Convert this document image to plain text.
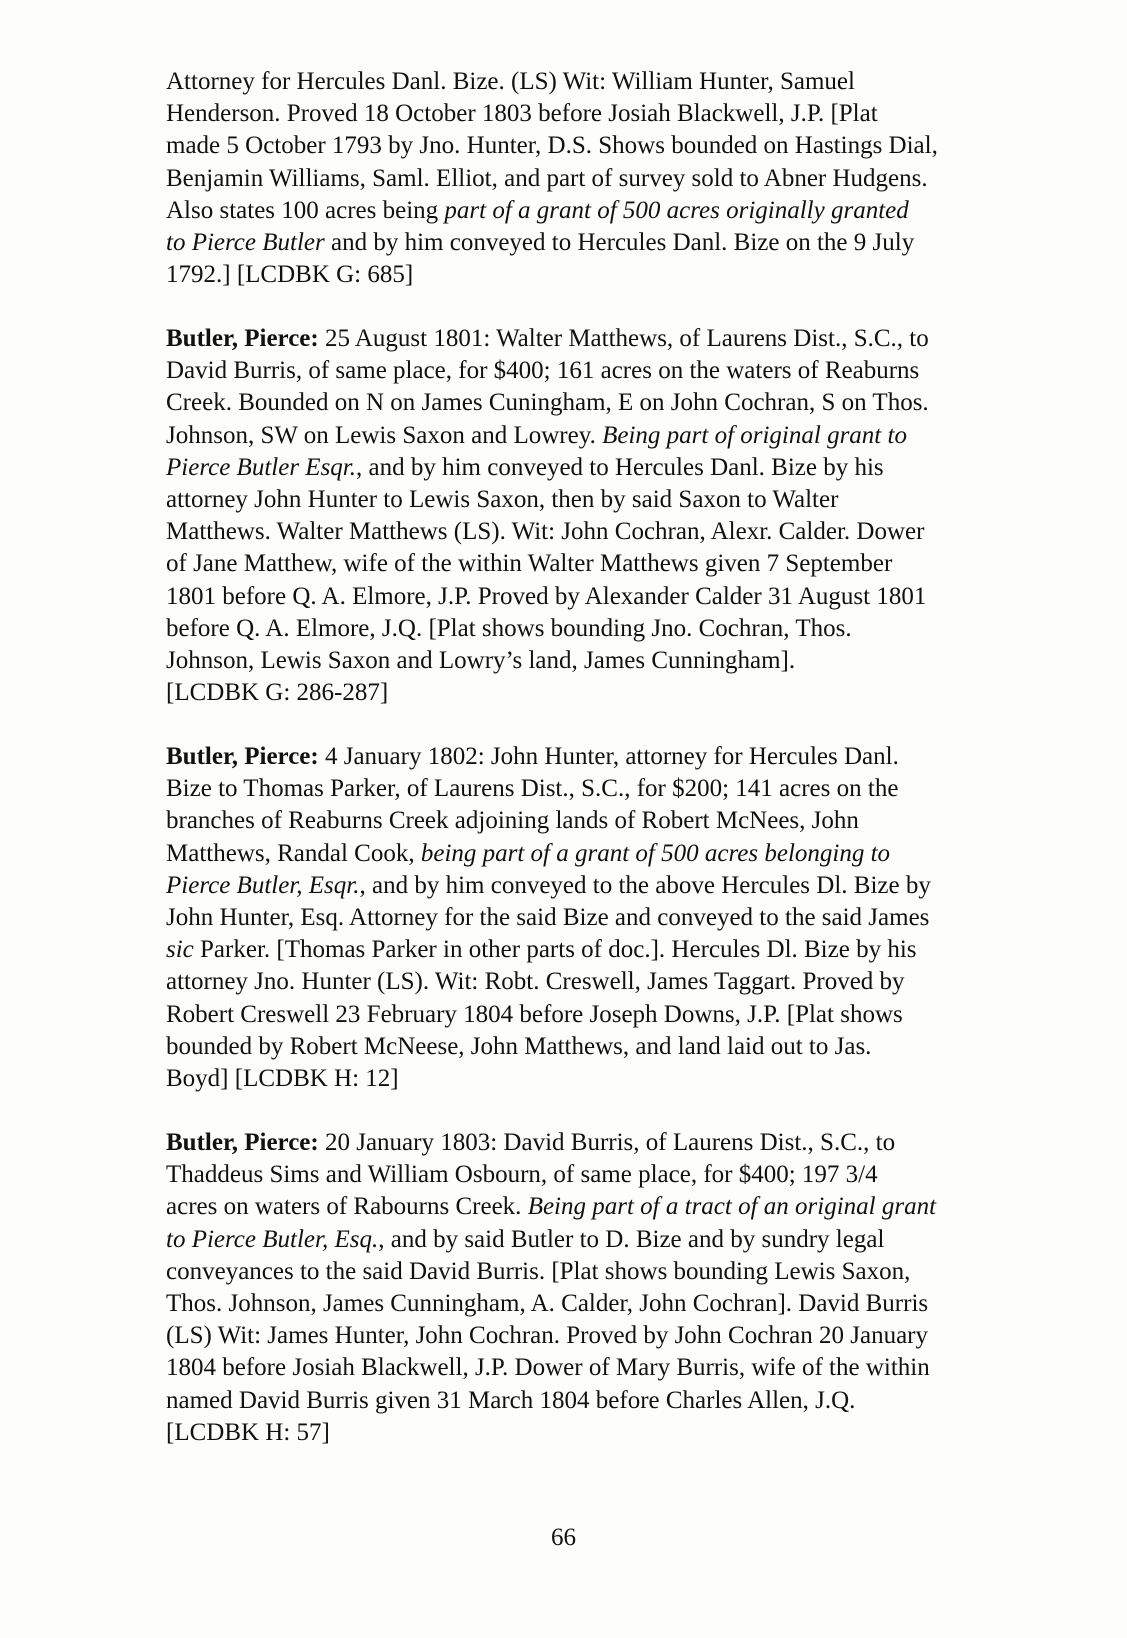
Attorney for Hercules Danl. Bize. (LS) Wit: William Hunter, Samuel
Henderson. Proved 18 October 1803 before Josiah Blackwell, J.P. [Plat
made 5 October 1793 by Jno. Hunter, D.S. Shows bounded on Hastings Dial,
Benjamin Williams, Saml. Elliot, and part of survey sold to Abner Hudgens.
Also states 100 acres being part of a grant of 500 acres originally granted
to Pierce Butler and by him conveyed to Hercules Danl. Bize on the 9 July
1792.] [LCDBK G: 685]
Butler, Pierce: 25 August 1801: Walter Matthews, of Laurens Dist., S.C., to
David Burris, of same place, for $400; 161 acres on the waters of Reaburns
Creek. Bounded on N on James Cuningham, E on John Cochran, S on Thos.
Johnson, SW on Lewis Saxon and Lowrey. Being part of original grant to
Pierce Butler Esqr., and by him conveyed to Hercules Danl. Bize by his
attorney John Hunter to Lewis Saxon, then by said Saxon to Walter
Matthews. Walter Matthews (LS). Wit: John Cochran, Alexr. Calder. Dower
of Jane Matthew, wife of the within Walter Matthews given 7 September
1801 before Q. A. Elmore, J.P. Proved by Alexander Calder 31 August 1801
before Q. A. Elmore, J.Q. [Plat shows bounding Jno. Cochran, Thos.
Johnson, Lewis Saxon and Lowry’s land, James Cunningham].
[LCDBK G: 286-287]
Butler, Pierce: 4 January 1802: John Hunter, attorney for Hercules Danl.
Bize to Thomas Parker, of Laurens Dist., S.C., for $200; 141 acres on the
branches of Reaburns Creek adjoining lands of Robert McNees, John
Matthews, Randal Cook, being part of a grant of 500 acres belonging to
Pierce Butler, Esqr., and by him conveyed to the above Hercules Dl. Bize by
John Hunter, Esq. Attorney for the said Bize and conveyed to the said James
sic Parker. [Thomas Parker in other parts of doc.]. Hercules Dl. Bize by his
attorney Jno. Hunter (LS). Wit: Robt. Creswell, James Taggart. Proved by
Robert Creswell 23 February 1804 before Joseph Downs, J.P. [Plat shows
bounded by Robert McNeese, John Matthews, and land laid out to Jas.
Boyd] [LCDBK H: 12]
Butler, Pierce: 20 January 1803: David Burris, of Laurens Dist., S.C., to
Thaddeus Sims and William Osbourn, of same place, for $400; 197 3/4
acres on waters of Rabourns Creek. Being part of a tract of an original grant
to Pierce Butler, Esq., and by said Butler to D. Bize and by sundry legal
conveyances to the said David Burris. [Plat shows bounding Lewis Saxon,
Thos. Johnson, James Cunningham, A. Calder, John Cochran]. David Burris
(LS) Wit: James Hunter, John Cochran. Proved by John Cochran 20 January
1804 before Josiah Blackwell, J.P. Dower of Mary Burris, wife of the within
named David Burris given 31 March 1804 before Charles Allen, J.Q.
[LCDBK H: 57]
66
